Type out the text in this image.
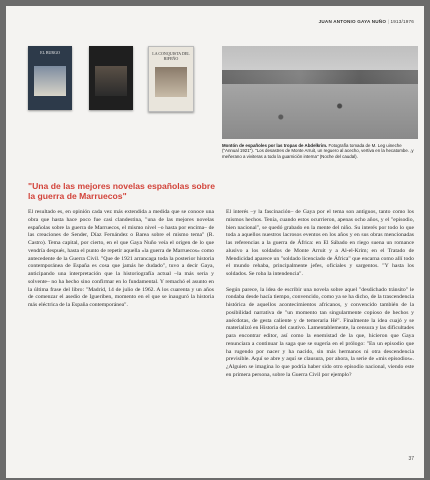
JUAN ANTONIO GAYA NUÑO | 1913/1976
EL BURGO	LA CONQUISTA DEL RIFEÑO
Montón de españoles por las tropas de Abdelkrim. Fotografía tomada de M. Leg uineche ("Annual 1921"). "Los desastres de Monte Arruit, un reguero al acecho, vertiva en la hecatombe. ,y meñerano a viviteras a todo la guarnición interna" (Noche del caudal).
"Una de las mejores novelas españolas sobre la guerra de Marruecos"

El resultado es, en opinión cada vez más extendida a medida que se conoce una obra que hasta hace poco fue casi clandestina, "una de las mejores novelas españolas sobre la guerra de Marruecos, el mismo nivel –o hasta por encima– de las creaciones de Sender, Díaz Fernández o Barea sobre el mismo tema" (R. Castro). Tema capital, por cierto, en el que Gaya Nuño veía el origen de lo que vendría después, hasta el punto de repetir aquella «la guerra de Marruecos» como antecedente de la Guerra Civil. "Que de 1921 arrancaga toda la posterior historia contemporánea de España es cosa que jamás he dudado", tuvo a decir Gaya, anticipando una interpretación que la historiografía actual –la más seria y solvente– no ha hecho sino confirmar en lo fundamental. Y remachó el asunto en la última frase del libro: "Madrid, 14 de julio de 1962. A los cuarenta y un años de comenzar el asedio de Igueriben, momento en el que se inauguró la historia más eléctrica de la España contemporánea".

El interés –y la fascinación– de Gaya por el tema son antiguos, tanto como los mismos hechos. Tenía, cuando estos ocurrieron, apenas ocho años, y el "episodio, bien nacional", se quedó grabado en la mente del niño. Su interés por todo lo que toda a aquellos nuestros lacrosos eventos en los años y en sus obras mencionadas las referencias a la guerra de África: en El Sábado en riego suena un romance alusivo a los soldados de Monte Arruit y a Al-el-Krim; en el Tratado de Mendicidad aparece un "soldado licenciado de África" que encarna como allí todo el mundo rehaba, principalmente jefes, oficiales y sargentos. "Y hasta los soldados. Se roba la intendencia".

Según parece, la idea de escribir una novela sobre aquel "desdichado tránsito" le rondaba desde hacía tiempo, convencido, como ya se ha dicho, de la trascendencia histórica de aquellos acontecimientos africanos, y convencido también de la posibilidad narrativa de "un momento tan singularmente copioso de hechos y anécdotas, de gesta caliente y de temeraria Hé". Finalmente la idea cuajó y se materializó en Historia del cautivo. Lamentablemente, la censura y las dificultades para encontrar editor, así como la enemistad de la que, hicieron que Gaya renunciara a continuar la saga que se sugería en el prólogo: "En un episodio que ha rugendo por nacer y ha nacido, sin más hermanos ni otra descendencia previsible. Aquí se abre y aquí se clausura, por ahora, la serie de «mis episodios». ¿Alguien se imagina lo que podría haber sido otro episodio nacional, viendo este en primera persona, sobre la Guerra Civil por ejemplo?

37
